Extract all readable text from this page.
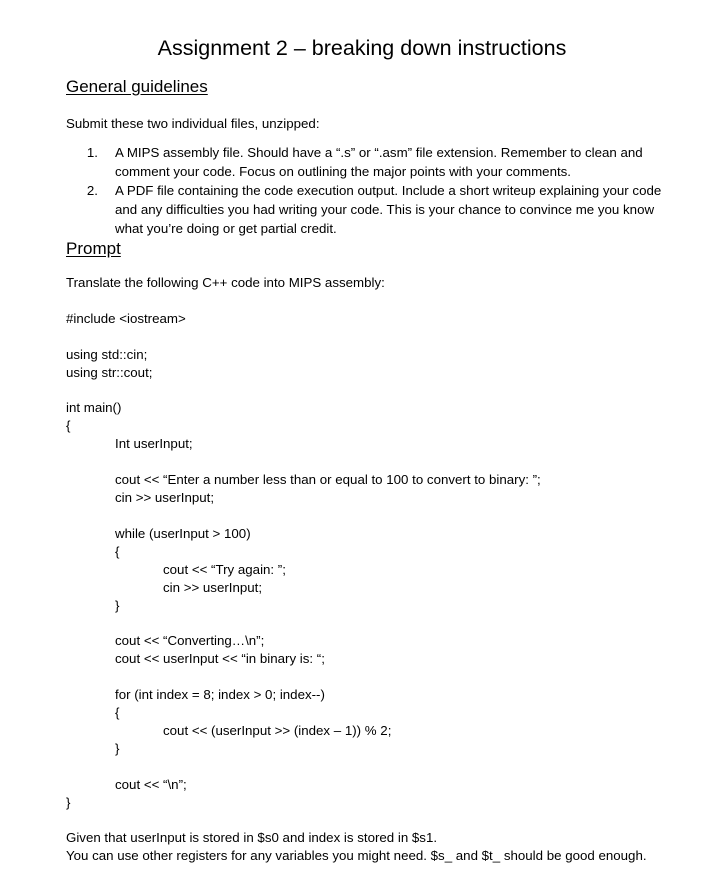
Assignment 2 – breaking down instructions
General guidelines
Submit these two individual files, unzipped:
1. A MIPS assembly file. Should have a “.s” or “.asm” file extension. Remember to clean and
comment your code. Focus on outlining the major points with your comments.
2. A PDF file containing the code execution output. Include a short writeup explaining your code
and any difficulties you had writing your code. This is your chance to convince me you know
what you’re doing or get partial credit.
Prompt
Translate the following C++ code into MIPS assembly:
#include <iostream>
using std::cin;
using str::cout;
int main()
{
Int userInput;
cout << “Enter a number less than or equal to 100 to convert to binary: ”;
cin >> userInput;
while (userInput > 100)
{
cout << “Try again: ”;
cin >> userInput;
}
cout << “Converting…\n”;
cout << userInput << “in binary is: “;
for (int index = 8; index > 0; index--)
{
cout << (userInput >> (index – 1)) % 2;
}
cout << “\n”;
}
Given that userInput is stored in $s0 and index is stored in $s1.
You can use other registers for any variables you might need. $s_ and $t_ should be good enough.
